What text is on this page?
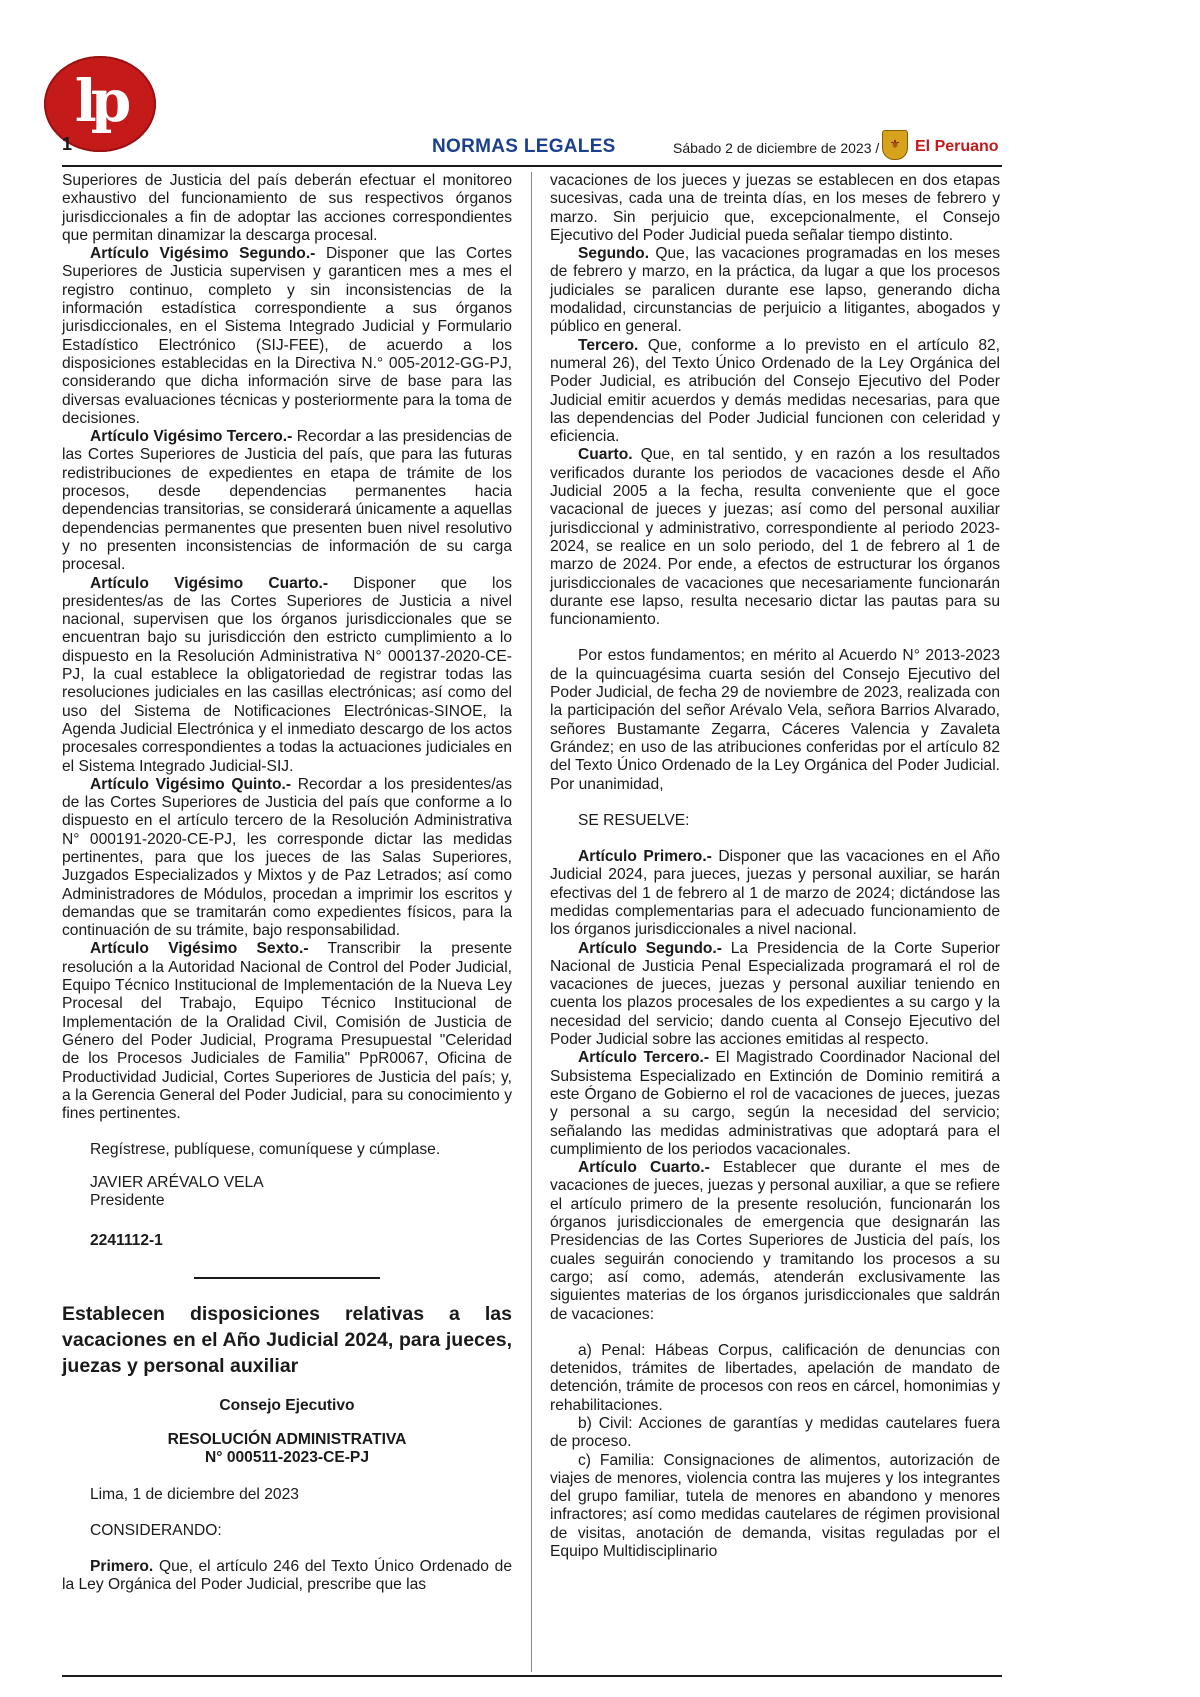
lp
1	NORMAS LEGALES	Sábado 2 de diciembre de 2023 / ⚜ El Peruano

Superiores de Justicia del país deberán efectuar el monitoreo exhaustivo del funcionamiento de sus respectivos órganos jurisdiccionales a fin de adoptar las acciones correspondientes que permitan dinamizar la descarga procesal.

Artículo Vigésimo Segundo.- Disponer que las Cortes Superiores de Justicia supervisen y garanticen mes a mes el registro continuo, completo y sin inconsistencias de la información estadística correspondiente a sus órganos jurisdiccionales, en el Sistema Integrado Judicial y Formulario Estadístico Electrónico (SIJ-FEE), de acuerdo a los disposiciones establecidas en la Directiva N.° 005-2012-GG-PJ, considerando que dicha información sirve de base para las diversas evaluaciones técnicas y posteriormente para la toma de decisiones.

Artículo Vigésimo Tercero.- Recordar a las presidencias de las Cortes Superiores de Justicia del país, que para las futuras redistribuciones de expedientes en etapa de trámite de los procesos, desde dependencias permanentes hacia dependencias transitorias, se considerará únicamente a aquellas dependencias permanentes que presenten buen nivel resolutivo y no presenten inconsistencias de información de su carga procesal.

Artículo Vigésimo Cuarto.- Disponer que los presidentes/as de las Cortes Superiores de Justicia a nivel nacional, supervisen que los órganos jurisdiccionales que se encuentran bajo su jurisdicción den estricto cumplimiento a lo dispuesto en la Resolución Administrativa N° 000137-2020-CE-PJ, la cual establece la obligatoriedad de registrar todas las resoluciones judiciales en las casillas electrónicas; así como del uso del Sistema de Notificaciones Electrónicas-SINOE, la Agenda Judicial Electrónica y el inmediato descargo de los actos procesales correspondientes a todas la actuaciones judiciales en el Sistema Integrado Judicial-SIJ.

Artículo Vigésimo Quinto.- Recordar a los presidentes/as de las Cortes Superiores de Justicia del país que conforme a lo dispuesto en el artículo tercero de la Resolución Administrativa N° 000191-2020-CE-PJ, les corresponde dictar las medidas pertinentes, para que los jueces de las Salas Superiores, Juzgados Especializados y Mixtos y de Paz Letrados; así como Administradores de Módulos, procedan a imprimir los escritos y demandas que se tramitarán como expedientes físicos, para la continuación de su trámite, bajo responsabilidad.

Artículo Vigésimo Sexto.- Transcribir la presente resolución a la Autoridad Nacional de Control del Poder Judicial, Equipo Técnico Institucional de Implementación de la Nueva Ley Procesal del Trabajo, Equipo Técnico Institucional de Implementación de la Oralidad Civil, Comisión de Justicia de Género del Poder Judicial, Programa Presupuestal "Celeridad de los Procesos Judiciales de Familia" PpR0067, Oficina de Productividad Judicial, Cortes Superiores de Justicia del país; y, a la Gerencia General del Poder Judicial, para su conocimiento y fines pertinentes.

Regístrese, publíquese, comuníquese y cúmplase.

JAVIER ARÉVALO VELA
Presidente
2241112-1
Establecen disposiciones relativas a las vacaciones en el Año Judicial 2024, para jueces, juezas y personal auxiliar
Consejo Ejecutivo
RESOLUCIÓN ADMINISTRATIVA
N° 000511-2023-CE-PJ

Lima, 1 de diciembre del 2023

CONSIDERANDO:

Primero. Que, el artículo 246 del Texto Único Ordenado de la Ley Orgánica del Poder Judicial, prescribe que las

vacaciones de los jueces y juezas se establecen en dos etapas sucesivas, cada una de treinta días, en los meses de febrero y marzo. Sin perjuicio que, excepcionalmente, el Consejo Ejecutivo del Poder Judicial pueda señalar tiempo distinto.

Segundo. Que, las vacaciones programadas en los meses de febrero y marzo, en la práctica, da lugar a que los procesos judiciales se paralicen durante ese lapso, generando dicha modalidad, circunstancias de perjuicio a litigantes, abogados y público en general.

Tercero. Que, conforme a lo previsto en el artículo 82, numeral 26), del Texto Único Ordenado de la Ley Orgánica del Poder Judicial, es atribución del Consejo Ejecutivo del Poder Judicial emitir acuerdos y demás medidas necesarias, para que las dependencias del Poder Judicial funcionen con celeridad y eficiencia.

Cuarto. Que, en tal sentido, y en razón a los resultados verificados durante los periodos de vacaciones desde el Año Judicial 2005 a la fecha, resulta conveniente que el goce vacacional de jueces y juezas; así como del personal auxiliar jurisdiccional y administrativo, correspondiente al periodo 2023-2024, se realice en un solo periodo, del 1 de febrero al 1 de marzo de 2024. Por ende, a efectos de estructurar los órganos jurisdiccionales de vacaciones que necesariamente funcionarán durante ese lapso, resulta necesario dictar las pautas para su funcionamiento.

Por estos fundamentos; en mérito al Acuerdo N° 2013-2023 de la quincuagésima cuarta sesión del Consejo Ejecutivo del Poder Judicial, de fecha 29 de noviembre de 2023, realizada con la participación del señor Arévalo Vela, señora Barrios Alvarado, señores Bustamante Zegarra, Cáceres Valencia y Zavaleta Grández; en uso de las atribuciones conferidas por el artículo 82 del Texto Único Ordenado de la Ley Orgánica del Poder Judicial. Por unanimidad,

SE RESUELVE:

Artículo Primero.- Disponer que las vacaciones en el Año Judicial 2024, para jueces, juezas y personal auxiliar, se harán efectivas del 1 de febrero al 1 de marzo de 2024; dictándose las medidas complementarias para el adecuado funcionamiento de los órganos jurisdiccionales a nivel nacional.

Artículo Segundo.- La Presidencia de la Corte Superior Nacional de Justicia Penal Especializada programará el rol de vacaciones de jueces, juezas y personal auxiliar teniendo en cuenta los plazos procesales de los expedientes a su cargo y la necesidad del servicio; dando cuenta al Consejo Ejecutivo del Poder Judicial sobre las acciones emitidas al respecto.

Artículo Tercero.- El Magistrado Coordinador Nacional del Subsistema Especializado en Extinción de Dominio remitirá a este Órgano de Gobierno el rol de vacaciones de jueces, juezas y personal a su cargo, según la necesidad del servicio; señalando las medidas administrativas que adoptará para el cumplimiento de los periodos vacacionales.

Artículo Cuarto.- Establecer que durante el mes de vacaciones de jueces, juezas y personal auxiliar, a que se refiere el artículo primero de la presente resolución, funcionarán los órganos jurisdiccionales de emergencia que designarán las Presidencias de las Cortes Superiores de Justicia del país, los cuales seguirán conociendo y tramitando los procesos a su cargo; así como, además, atenderán exclusivamente las siguientes materias de los órganos jurisdiccionales que saldrán de vacaciones:

a) Penal: Hábeas Corpus, calificación de denuncias con detenidos, trámites de libertades, apelación de mandato de detención, trámite de procesos con reos en cárcel, homonimias y rehabilitaciones.

b) Civil: Acciones de garantías y medidas cautelares fuera de proceso.

c) Familia: Consignaciones de alimentos, autorización de viajes de menores, violencia contra las mujeres y los integrantes del grupo familiar, tutela de menores en abandono y menores infractores; así como medidas cautelares de régimen provisional de visitas, anotación de demanda, visitas reguladas por el Equipo Multidisciplinario
